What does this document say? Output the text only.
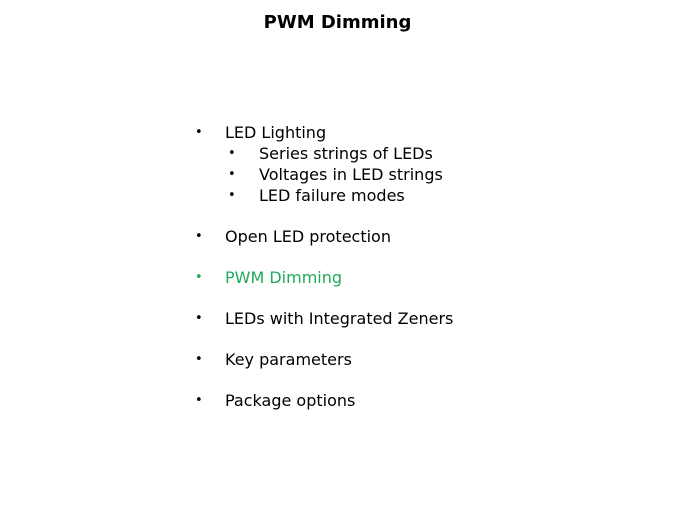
PWM Dimming
• LED Lighting
• Series strings of LEDs
• Voltages in LED strings
• LED failure modes
• Open LED protection
• PWM Dimming
• LEDs with Integrated Zeners
• Key parameters
• Package options
